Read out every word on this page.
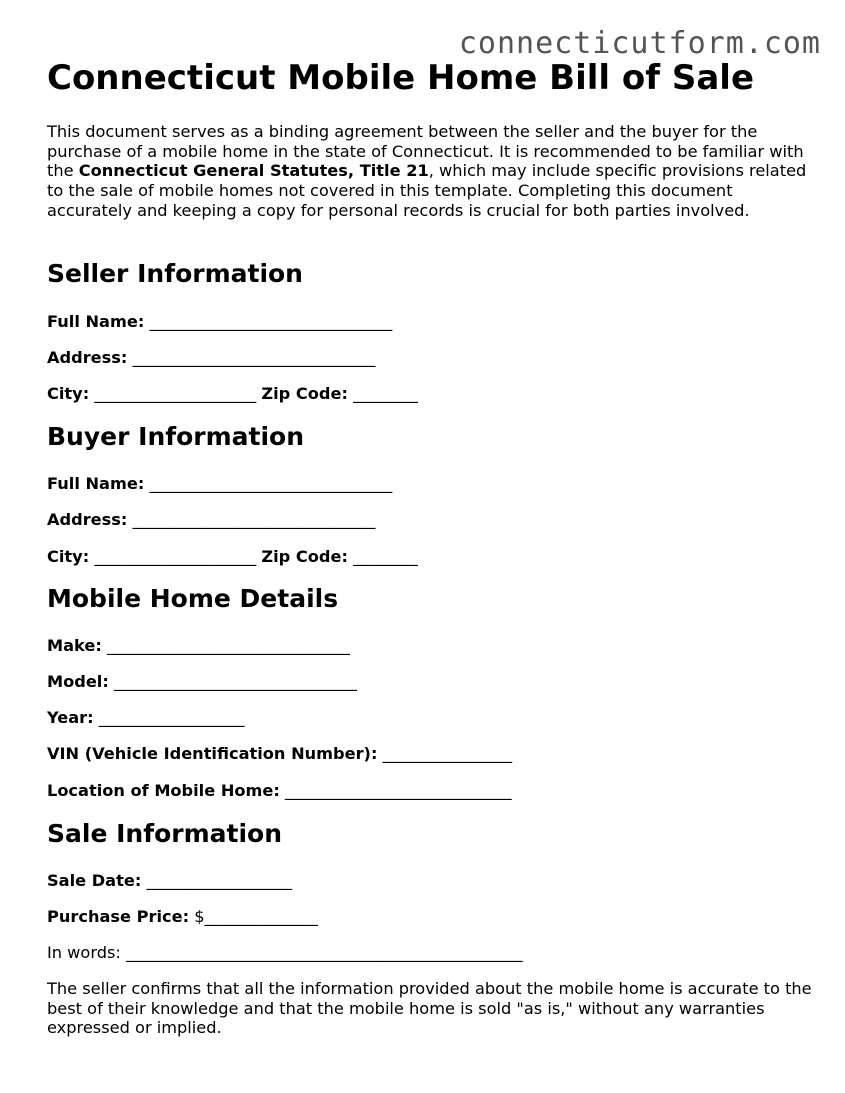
connecticutform.com
Connecticut Mobile Home Bill of Sale

This document serves as a binding agreement between the seller and the buyer for the purchase of a mobile home in the state of Connecticut. It is recommended to be familiar with the Connecticut General Statutes, Title 21, which may include specific provisions related to the sale of mobile homes not covered in this template. Completing this document accurately and keeping a copy for personal records is crucial for both parties involved.

Seller Information
Full Name: ______________________________
Address: ______________________________
City: ____________________ Zip Code: ________
Buyer Information
Full Name: ______________________________
Address: ______________________________
City: ____________________ Zip Code: ________
Mobile Home Details
Make: ______________________________
Model: ______________________________
Year: __________________
VIN (Vehicle Identification Number): ________________
Location of Mobile Home: ____________________________
Sale Information
Sale Date: __________________
Purchase Price: $______________
In words: _________________________________________________

The seller confirms that all the information provided about the mobile home is accurate to the best of their knowledge and that the mobile home is sold "as is," without any warranties expressed or implied.
